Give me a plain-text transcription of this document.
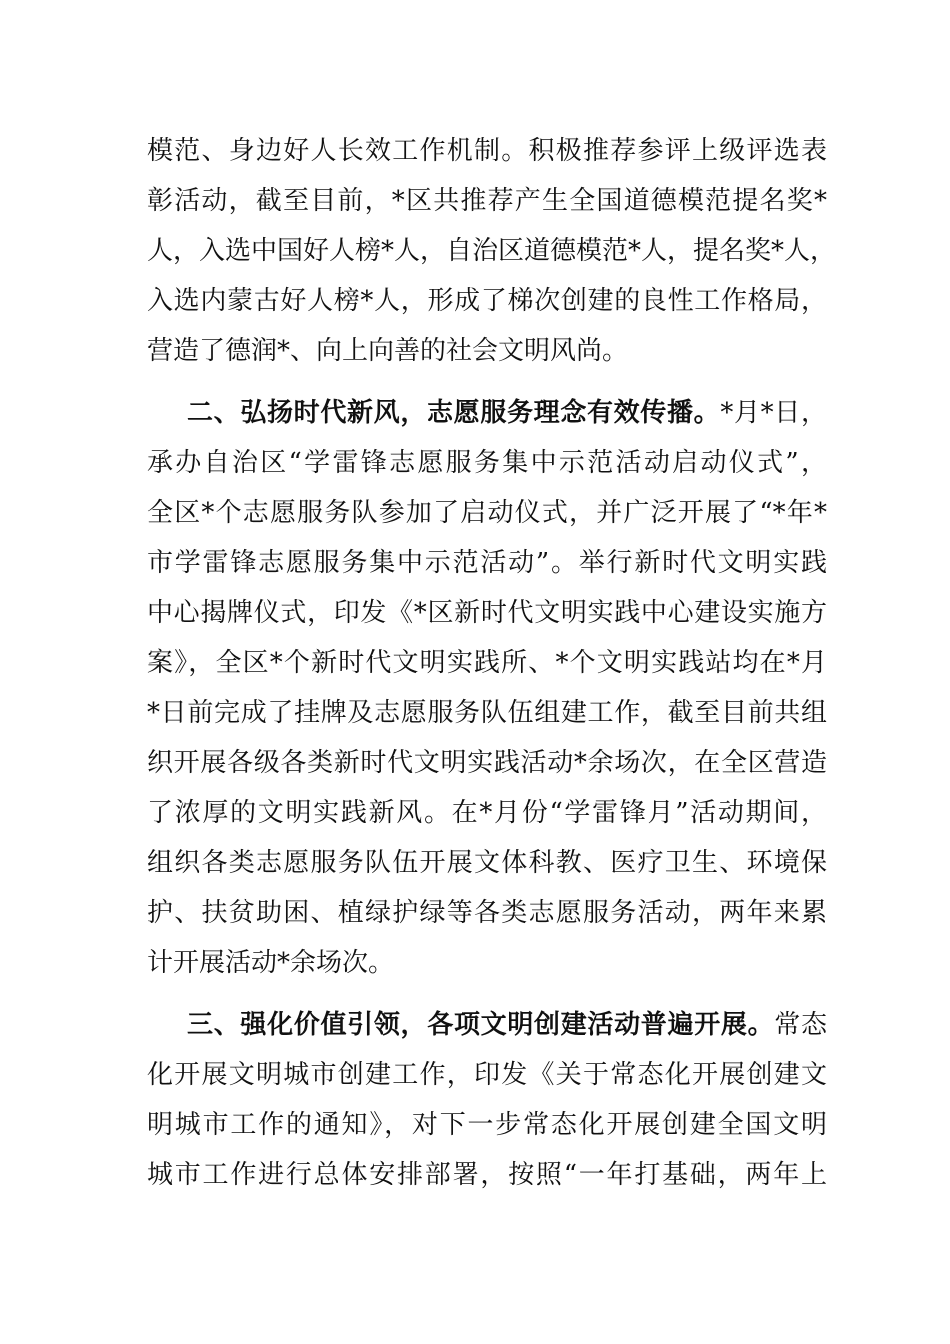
模范、身边好人长效工作机制。积极推荐参评上级评选表
彰活动，截至目前，*区共推荐产生全国道德模范提名奖*
人，入选中国好人榜*人，自治区道德模范*人，提名奖*人，
入选内蒙古好人榜*人，形成了梯次创建的良性工作格局，
营造了德润*、向上向善的社会文明风尚。
二、弘扬时代新风，志愿服务理念有效传播。*月*日，
承办自治区“学雷锋志愿服务集中示范活动启动仪式”，
全区*个志愿服务队参加了启动仪式，并广泛开展了“*年*
市学雷锋志愿服务集中示范活动”。举行新时代文明实践
中心揭牌仪式，印发《*区新时代文明实践中心建设实施方
案》，全区*个新时代文明实践所、*个文明实践站均在*月
*日前完成了挂牌及志愿服务队伍组建工作，截至目前共组
织开展各级各类新时代文明实践活动*余场次，在全区营造
了浓厚的文明实践新风。在*月份“学雷锋月”活动期间，
组织各类志愿服务队伍开展文体科教、医疗卫生、环境保
护、扶贫助困、植绿护绿等各类志愿服务活动，两年来累
计开展活动*余场次。
三、强化价值引领，各项文明创建活动普遍开展。常态
化开展文明城市创建工作，印发《关于常态化开展创建文
明城市工作的通知》，对下一步常态化开展创建全国文明
城市工作进行总体安排部署，按照“一年打基础，两年上
